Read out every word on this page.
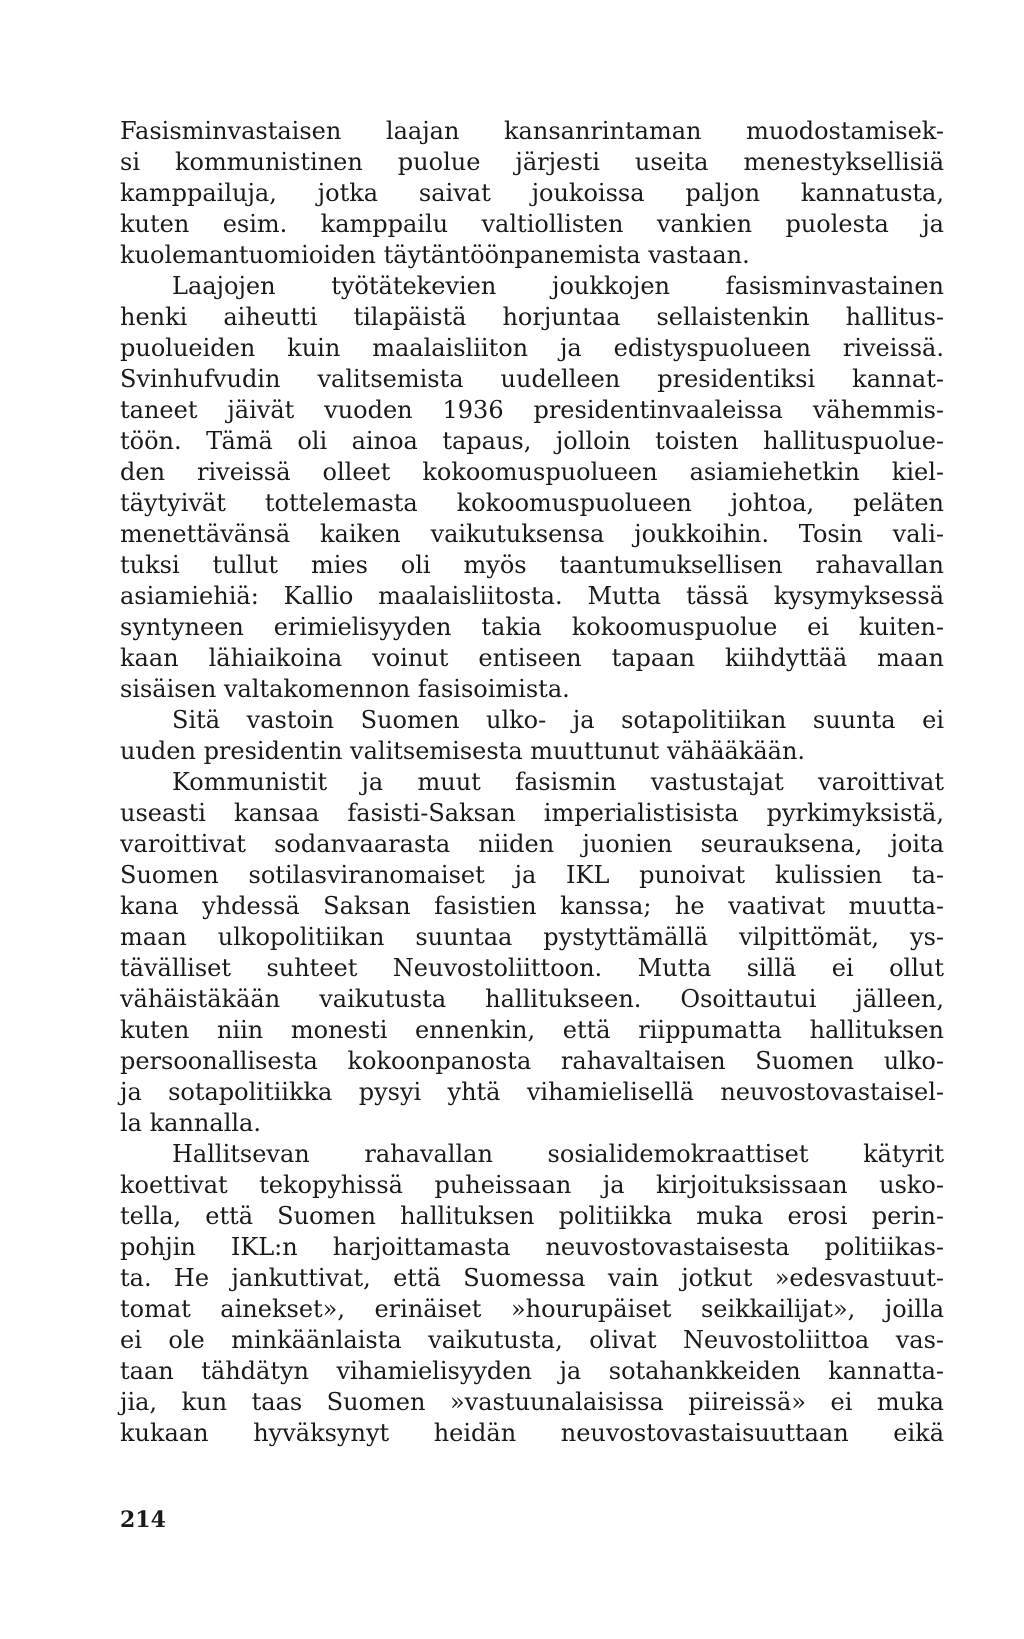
Fasisminvastaisen laajan kansanrintaman muodostamisek-
si kommunistinen puolue järjesti useita menestyksellisiä
kamppailuja, jotka saivat joukoissa paljon kannatusta,
kuten esim. kamppailu valtiollisten vankien puolesta ja
kuolemantuomioiden täytäntöönpanemista vastaan.
Laajojen työtätekevien joukkojen fasisminvastainen
henki aiheutti tilapäistä horjuntaa sellaistenkin hallitus-
puolueiden kuin maalaisliiton ja edistyspuolueen riveissä.
Svinhufvudin valitsemista uudelleen presidentiksi kannat-
taneet jäivät vuoden 1936 presidentinvaaleissa vähemmis-
töön. Tämä oli ainoa tapaus, jolloin toisten hallituspuolue-
den riveissä olleet kokoomuspuolueen asiamiehetkin kiel-
täytyivät tottelemasta kokoomuspuolueen johtoa, peläten
menettävänsä kaiken vaikutuksensa joukkoihin. Tosin vali-
tuksi tullut mies oli myös taantumuksellisen rahavallan
asiamiehiä: Kallio maalaisliitosta. Mutta tässä kysymyksessä
syntyneen erimielisyyden takia kokoomuspuolue ei kuiten-
kaan lähiaikoina voinut entiseen tapaan kiihdyttää maan
sisäisen valtakomennon fasisoimista.
Sitä vastoin Suomen ulko- ja sotapolitiikan suunta ei
uuden presidentin valitsemisesta muuttunut vähääkään.
Kommunistit ja muut fasismin vastustajat varoittivat
useasti kansaa fasisti-Saksan imperialistisista pyrkimyksistä,
varoittivat sodanvaarasta niiden juonien seurauksena, joita
Suomen sotilasviranomaiset ja IKL punoivat kulissien ta-
kana yhdessä Saksan fasistien kanssa; he vaativat muutta-
maan ulkopolitiikan suuntaa pystyttämällä vilpittömät, ys-
tävälliset suhteet Neuvostoliittoon. Mutta sillä ei ollut
vähäistäkään vaikutusta hallitukseen. Osoittautui jälleen,
kuten niin monesti ennenkin, että riippumatta hallituksen
persoonallisesta kokoonpanosta rahavaltaisen Suomen ulko-
ja sotapolitiikka pysyi yhtä vihamielisellä neuvostovastaisel-
la kannalla.
Hallitsevan rahavallan sosialidemokraattiset kätyrit
koettivat tekopyhissä puheissaan ja kirjoituksissaan usko-
tella, että Suomen hallituksen politiikka muka erosi perin-
pohjin IKL:n harjoittamasta neuvostovastaisesta politiikas-
ta. He jankuttivat, että Suomessa vain jotkut »edesvastuut-
tomat ainekset», erinäiset »hourupäiset seikkailijat», joilla
ei ole minkäänlaista vaikutusta, olivat Neuvostoliittoa vas-
taan tähdätyn vihamielisyyden ja sotahankkeiden kannatta-
jia, kun taas Suomen »vastuunalaisissa piireissä» ei muka
kukaan hyväksynyt heidän neuvostovastaisuuttaan eikä
214
